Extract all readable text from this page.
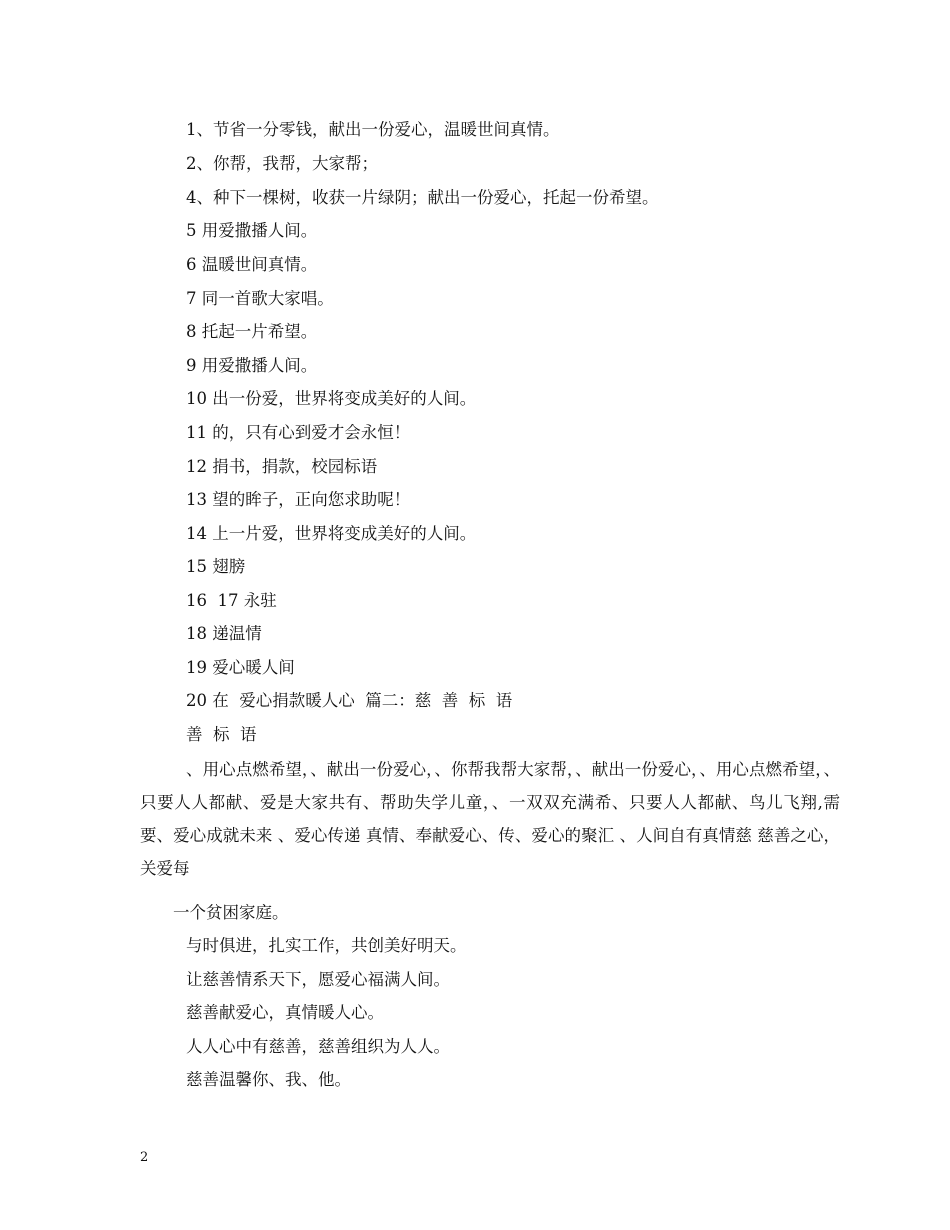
1、节省一分零钱，献出一份爱心，温暖世间真情。
2、你帮，我帮，大家帮；
4、种下一棵树，收获一片绿阴；献出一份爱心，托起一份希望。
5 用爱撒播人间。
6 温暖世间真情。
7 同一首歌大家唱。
8 托起一片希望。
9 用爱撒播人间。
10 出一份爱，世界将变成美好的人间。
11 的，只有心到爱才会永恒！
12 捐书，捐款，校园标语
13 望的眸子，正向您求助呢！
14 上一片爱，世界将变成美好的人间。
15 翅膀
16  17 永驻
18 递温情
19 爱心暖人间
20 在  爱心捐款暖人心  篇二：慈  善  标  语
善  标  语
、用心点燃希望，、献出一份爱心，、你帮我帮大家帮，、献出一份爱心，、用心点燃希望，、只要人人都献、爱是大家共有、帮助失学儿童，、一双双充满希、只要人人都献、鸟儿飞翔,需要、爱心成就未来 、爱心传递 真情、奉献爱心、传、爱心的聚汇 、人间自有真情慈 慈善之心，关爱每
一个贫困家庭。
与时俱进，扎实工作，共创美好明天。
让慈善情系天下，愿爱心福满人间。
慈善献爱心，真情暖人心。
人人心中有慈善，慈善组织为人人。
慈善温馨你、我、他。
2
